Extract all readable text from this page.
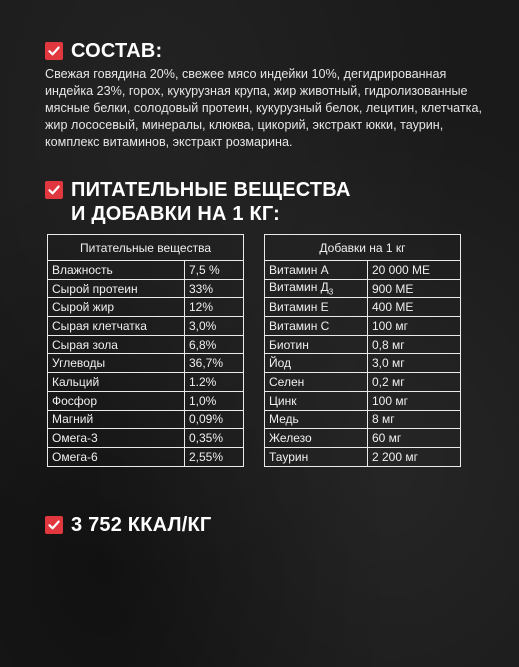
СОСТАВ:
Свежая говядина 20%, свежее мясо индейки 10%, дегидрированная индейка 23%, горох, кукурузная крупа, жир животный, гидролизованные мясные белки, солодовый протеин, кукурузный белок, лецитин, клетчатка, жир лососевый, минералы, клюква, цикорий, экстракт юкки, таурин, комплекс витаминов, экстракт розмарина.
ПИТАТЕЛЬНЫЕ ВЕЩЕСТВА
И ДОБАВКИ НА 1 КГ:
Питательные вещества	
Влажность	7,5 %
Сырой протеин	33%
Сырой жир	12%
Сырая клетчатка	3,0%
Сырая зола	6,8%
Углеводы	36,7%
Кальций	1.2%
Фосфор	1,0%
Магний	0,09%
Омега-3	0,35%
Омега-6	2,55%
Добавки на 1 кг	
Витамин А	20 000 МЕ
Витамин $Д_3$	900 МЕ
Витамин Е	400 МЕ
Витамин С	100 мг
Биотин	0,8 мг
Йод	3,0 мг
Селен	0,2 мг
Цинк	100 мг
Медь	8 мг
Железо	60 мг
Таурин	2 200 мг
3 752 ККАЛ/КГ
